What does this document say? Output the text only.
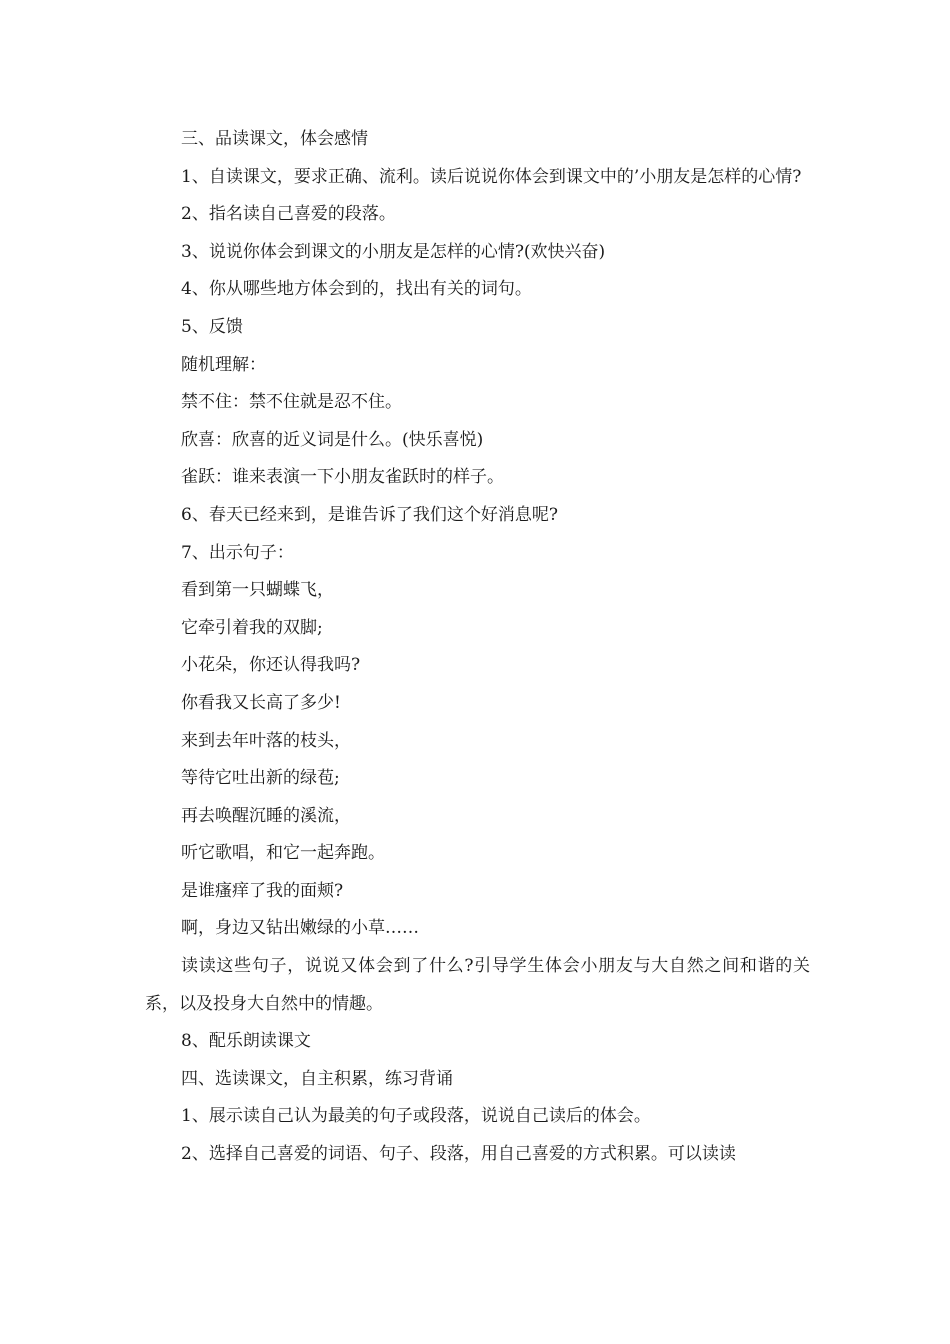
三、品读课文，体会感情

1、自读课文，要求正确、流利。读后说说你体会到课文中的’小朋友是怎样的心情?

2、指名读自己喜爱的段落。

3、说说你体会到课文的小朋友是怎样的心情?(欢快兴奋)

4、你从哪些地方体会到的，找出有关的词句。

5、反馈

随机理解：

禁不住：禁不住就是忍不住。

欣喜：欣喜的近义词是什么。(快乐喜悦)

雀跃：谁来表演一下小朋友雀跃时的样子。

6、春天已经来到，是谁告诉了我们这个好消息呢?

7、出示句子：

看到第一只蝴蝶飞，

它牵引着我的双脚;

小花朵，你还认得我吗?

你看我又长高了多少!

来到去年叶落的枝头，

等待它吐出新的绿苞;

再去唤醒沉睡的溪流，

听它歌唱，和它一起奔跑。

是谁瘙痒了我的面颊?

啊，身边又钻出嫩绿的小草……

读读这些句子，说说又体会到了什么?引导学生体会小朋友与大自然之间和谐的关系，以及投身大自然中的情趣。

8、配乐朗读课文

四、选读课文，自主积累，练习背诵

1、展示读自己认为最美的句子或段落，说说自己读后的体会。

2、选择自己喜爱的词语、句子、段落，用自己喜爱的方式积累。可以读读
